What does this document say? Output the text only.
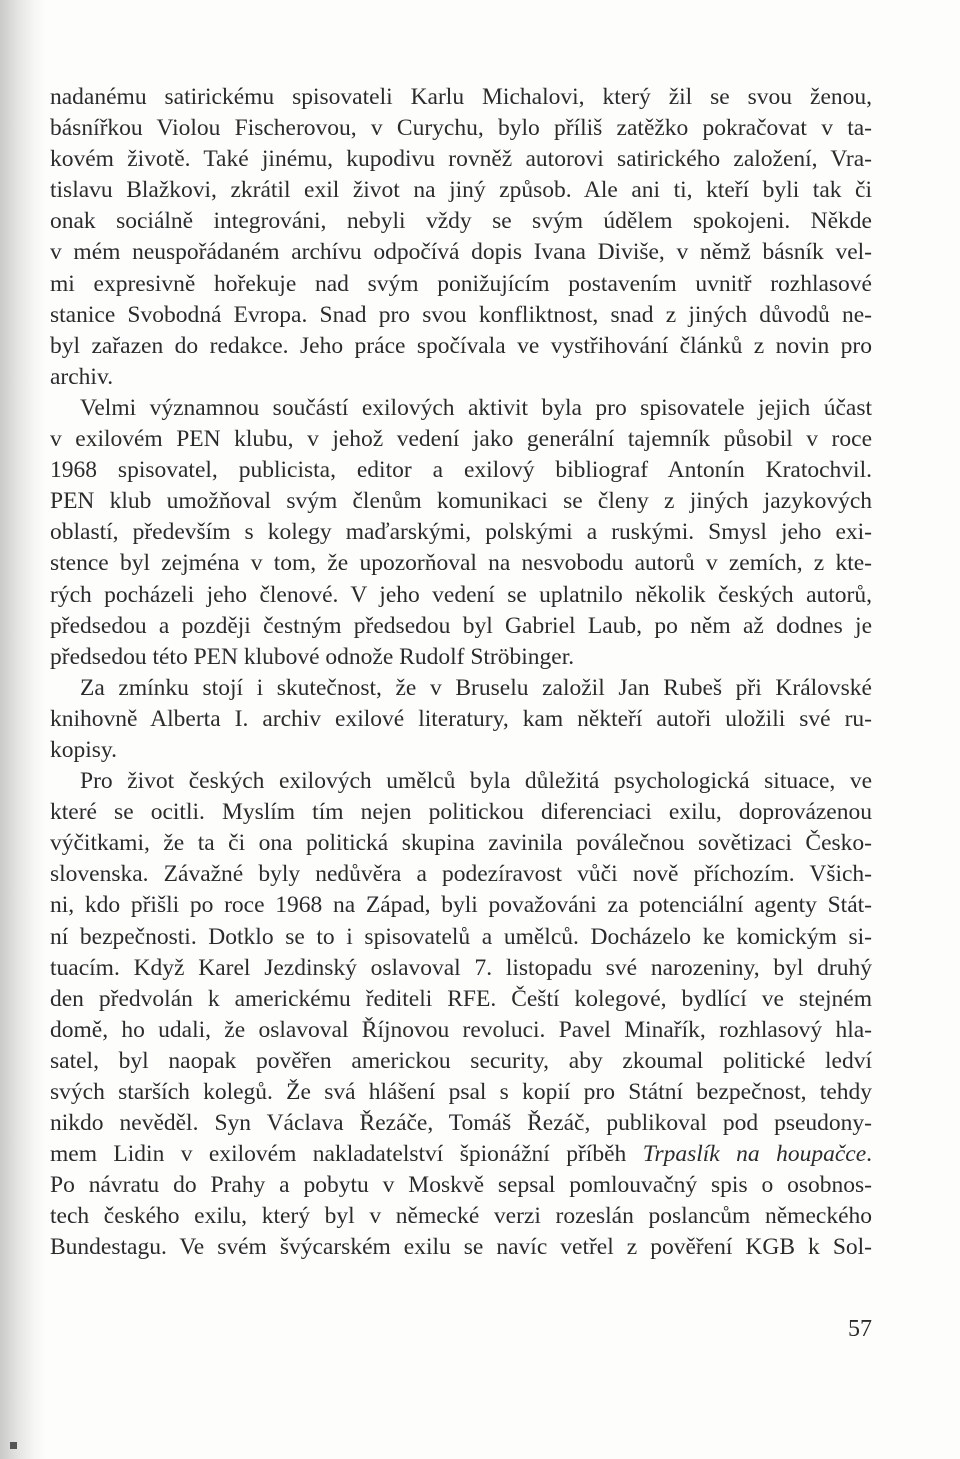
nadanému satirickému spisovateli Karlu Michalovi, který žil se svou ženou,
básnířkou Violou Fischerovou, v Curychu, bylo příliš zatěžko pokračovat v ta-
kovém životě. Také jinému, kupodivu rovněž autorovi satirického založení, Vra-
tislavu Blažkovi, zkrátil exil život na jiný způsob. Ale ani ti, kteří byli tak či
onak sociálně integrováni, nebyli vždy se svým údělem spokojeni. Někde
v mém neuspořádaném archívu odpočívá dopis Ivana Diviše, v němž básník vel-
mi expresivně hořekuje nad svým ponižujícím postavením uvnitř rozhlasové
stanice Svobodná Evropa. Snad pro svou konfliktnost, snad z jiných důvodů ne-
byl zařazen do redakce. Jeho práce spočívala ve vystřihování článků z novin pro
archiv.
Velmi významnou součástí exilových aktivit byla pro spisovatele jejich účast
v exilovém PEN klubu, v jehož vedení jako generální tajemník působil v roce
1968 spisovatel, publicista, editor a exilový bibliograf Antonín Kratochvil.
PEN klub umožňoval svým členům komunikaci se členy z jiných jazykových
oblastí, především s kolegy maďarskými, polskými a ruskými. Smysl jeho exi-
stence byl zejména v tom, že upozorňoval na nesvobodu autorů v zemích, z kte-
rých pocházeli jeho členové. V jeho vedení se uplatnilo několik českých autorů,
předsedou a později čestným předsedou byl Gabriel Laub, po něm až dodnes je
předsedou této PEN klubové odnože Rudolf Ströbinger.
Za zmínku stojí i skutečnost, že v Bruselu založil Jan Rubeš při Královské
knihovně Alberta I. archiv exilové literatury, kam někteří autoři uložili své ru-
kopisy.
Pro život českých exilových umělců byla důležitá psychologická situace, ve
které se ocitli. Myslím tím nejen politickou diferenciaci exilu, doprovázenou
výčitkami, že ta či ona politická skupina zavinila poválečnou sovětizaci Česko-
slovenska. Závažné byly nedůvěra a podezíravost vůči nově příchozím. Všich-
ni, kdo přišli po roce 1968 na Západ, byli považováni za potenciální agenty Stát-
ní bezpečnosti. Dotklo se to i spisovatelů a umělců. Docházelo ke komickým si-
tuacím. Když Karel Jezdinský oslavoval 7. listopadu své narozeniny, byl druhý
den předvolán k americkému řediteli RFE. Čeští kolegové, bydlící ve stejném
domě, ho udali, že oslavoval Říjnovou revoluci. Pavel Minařík, rozhlasový hla-
satel, byl naopak pověřen americkou security, aby zkoumal politické ledví
svých starších kolegů. Že svá hlášení psal s kopií pro Státní bezpečnost, tehdy
nikdo nevěděl. Syn Václava Řezáče, Tomáš Řezáč, publikoval pod pseudony-
mem Lidin v exilovém nakladatelství špionážní příběh Trpaslík na houpačce.
Po návratu do Prahy a pobytu v Moskvě sepsal pomlouvačný spis o osobnos-
tech českého exilu, který byl v německé verzi rozeslán poslancům německého
Bundestagu. Ve svém švýcarském exilu se navíc vetřel z pověření KGB k Sol-
57
